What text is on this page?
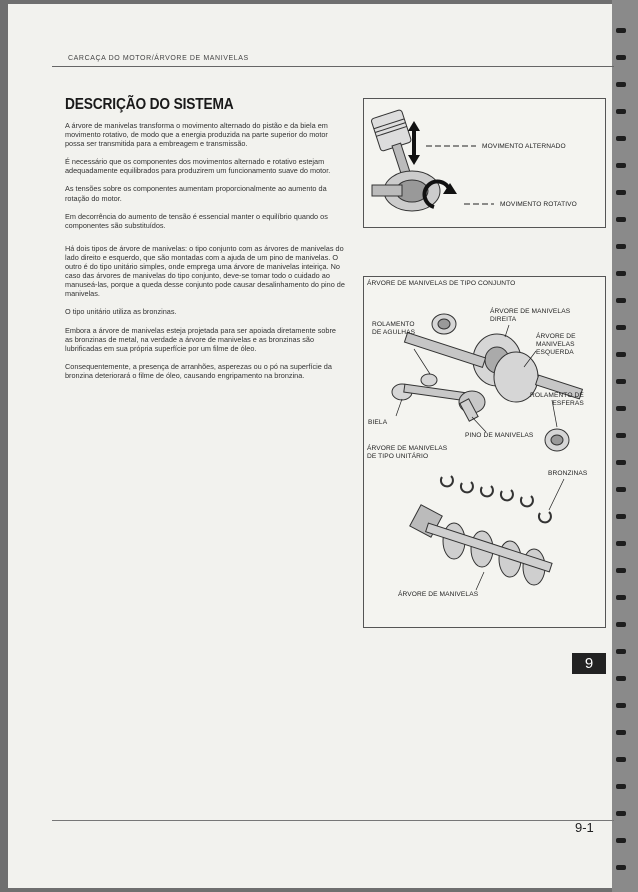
CARCAÇA DO MOTOR/ÁRVORE DE MANIVELAS
DESCRIÇÃO DO SISTEMA

A árvore de manivelas transforma o movimento alternado do pistão e da biela em movimento rotativo, de modo que a energia produzida na parte superior do motor possa ser transmitida para a embreagem e transmissão.

É necessário que os componentes dos movimentos alternado e rotativo estejam adequadamente equilibrados para produzirem um funcionamento suave do motor.

As tensões sobre os componentes aumentam proporcionalmente ao aumento da rotação do motor.

Em decorrência do aumento de tensão é essencial manter o equilíbrio quando os componentes são substituídos.

Há dois tipos de árvore de manivelas: o tipo conjunto com as árvores de manivelas do lado direito e esquerdo, que são montadas com a ajuda de um pino de manivelas. O outro é do tipo unitário simples, onde emprega uma árvore de manivelas inteiriça. No caso das árvores de manivelas do tipo conjunto, deve-se tomar todo o cuidado ao manuseá-las, porque a queda desse conjunto pode causar desalinhamento do pino de manivelas.

O tipo unitário utiliza as bronzinas.

Embora a árvore de manivelas esteja projetada para ser apoiada diretamente sobre as bronzinas de metal, na verdade a árvore de manivelas e as bronzinas são lubrificadas em sua própria superfície por um filme de óleo.

Consequentemente, a presença de arranhões, asperezas ou o pó na superfície da bronzina deteriorará o filme de óleo, causando engripamento na bronzina.

MOVIMENTO ALTERNADO
MOVIMENTO ROTATIVO
ÁRVORE DE MANIVELAS DE TIPO CONJUNTO
ÁRVORE DE MANIVELAS
DIREITA
ROLAMENTO
DE AGULHAS
ÁRVORE DE
MANIVELAS
ESQUERDA
ROLAMENTO DE
ESFERAS
BIELA
PINO DE MANIVELAS
ÁRVORE DE MANIVELAS
DE TIPO UNITÁRIO
BRONZINAS
ÁRVORE DE MANIVELAS
9
9-1
